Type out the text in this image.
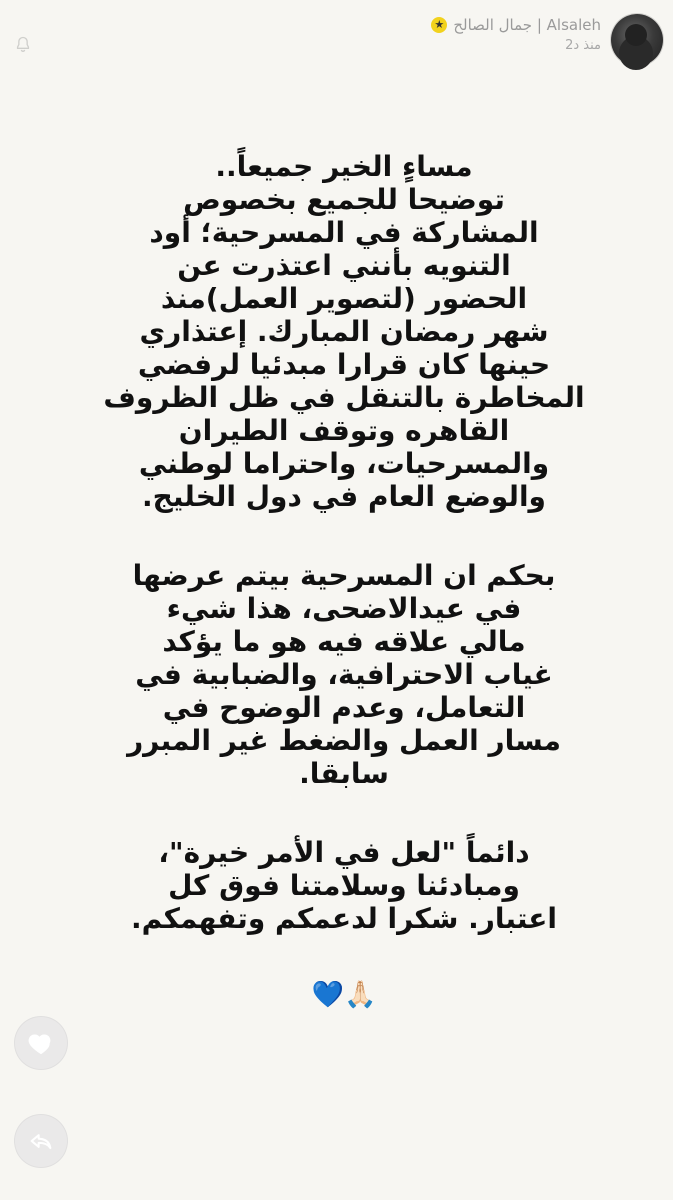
★ جمال الصالح | Alsaleh
منذ د2

مساءٍ الخير جميعاً..
توضيحا للجميع بخصوص
المشاركة في المسرحية؛ أود
التنويه بأنني اعتذرت عن
الحضور (لتصوير العمل)منذ
شهر رمضان المبارك. إعتذاري
حينها كان قرارا مبدئيا لرفضي
المخاطرة بالتنقل في ظل الظروف
القاهره وتوقف الطيران
والمسرحيات، واحتراما لوطني
والوضع العام في دول الخليج.

بحكم ان المسرحية بيتم عرضها
في عيدالاضحى، هذا شيء
مالي علاقه فيه هو ما يؤكد
غياب الاحترافية، والضبابية في
التعامل، وعدم الوضوح في
مسار العمل والضغط غير المبرر
سابقا.

دائماً "لعل في الأمر خيرة"،
ومبادئنا وسلامتنا فوق كل
اعتبار. شكرا لدعمكم وتفهمكم.

🙏🏻💙
